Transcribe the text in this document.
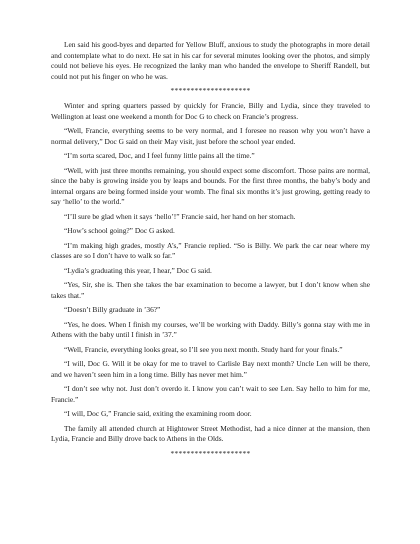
Len said his good-byes and departed for Yellow Bluff, anxious to study the photographs in more detail and contemplate what to do next. He sat in his car for several minutes looking over the photos, and simply could not believe his eyes. He recognized the lanky man who handed the envelope to Sheriff Randell, but could not put his finger on who he was.

********************

Winter and spring quarters passed by quickly for Francie, Billy and Lydia, since they traveled to Wellington at least one weekend a month for Doc G to check on Francie’s progress.

“Well, Francie, everything seems to be very normal, and I foresee no reason why you won’t have a normal delivery,” Doc G said on their May visit, just before the school year ended.

“I’m sorta scared, Doc, and I feel funny little pains all the time.”

“Well, with just three months remaining, you should expect some discomfort. Those pains are normal, since the baby is growing inside you by leaps and bounds. For the first three months, the baby’s body and internal organs are being formed inside your womb. The final six months it’s just growing, getting ready to say ‘hello’ to the world.”

“I’ll sure be glad when it says ‘hello’!” Francie said, her hand on her stomach.

“How’s school going?” Doc G asked.

“I’m making high grades, mostly A’s,” Francie replied. “So is Billy. We park the car near where my classes are so I don’t have to walk so far.”

“Lydia’s graduating this year, I hear,” Doc G said.

“Yes, Sir, she is. Then she takes the bar examination to become a lawyer, but I don’t know when she takes that.”

“Doesn’t Billy graduate in ’36?”

“Yes, he does. When I finish my courses, we’ll be working with Daddy. Billy’s gonna stay with me in Athens with the baby until I finish in ’37.”

“Well, Francie, everything looks great, so I’ll see you next month. Study hard for your finals.”

“I will, Doc G. Will it be okay for me to travel to Carlisle Bay next month? Uncle Len will be there, and we haven’t seen him in a long time. Billy has never met him.”

“I don’t see why not. Just don’t overdo it. I know you can’t wait to see Len. Say hello to him for me, Francie.”

“I will, Doc G,” Francie said, exiting the examining room door.

The family all attended church at Hightower Street Methodist, had a nice dinner at the mansion, then Lydia, Francie and Billy drove back to Athens in the Olds.

********************
